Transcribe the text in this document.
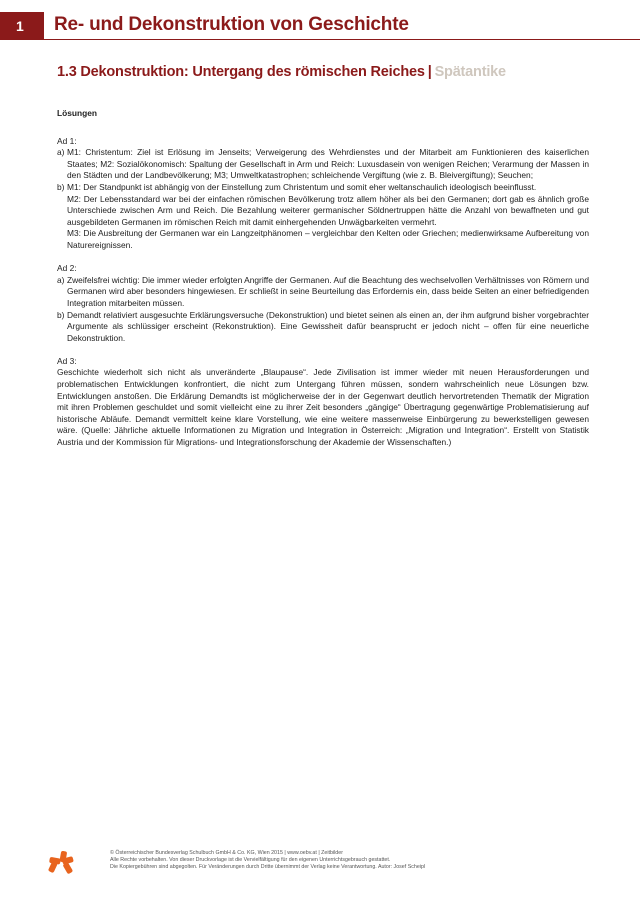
1	Re- und Dekonstruktion von Geschichte
1.3 Dekonstruktion: Untergang des römischen Reiches | Spätantike

Lösungen

Ad 1:

a) M1: Christentum: Ziel ist Erlösung im Jenseits; Verweigerung des Wehrdienstes und der Mitarbeit am Funktionieren des kaiserlichen Staates; M2: Sozialökonomisch: Spaltung der Gesellschaft in Arm und Reich: Luxusdasein von wenigen Reichen; Verarmung der Massen in den Städten und der Landbevölkerung; M3; Umweltkatastrophen; schleichende Vergiftung (wie z. B. Bleivergiftung); Seuchen;
b) M1: Der Standpunkt ist abhängig von der Einstellung zum Christentum und somit eher weltanschaulich ideologisch beeinflusst.
M2: Der Lebensstandard war bei der einfachen römischen Bevölkerung trotz allem höher als bei den Germanen; dort gab es ähnlich große Unterschiede zwischen Arm und Reich. Die Bezahlung weiterer germanischer Söldnertruppen hätte die Anzahl von bewaffneten und gut ausgebildeten Germanen im römischen Reich mit damit einhergehenden Unwägbarkeiten vermehrt.
M3: Die Ausbreitung der Germanen war ein Langzeitphänomen – vergleichbar den Kelten oder Griechen; medienwirksame Aufbereitung von Naturereignissen.

Ad 2:

a) Zweifelsfrei wichtig: Die immer wieder erfolgten Angriffe der Germanen. Auf die Beachtung des wechselvollen Verhältnisses von Römern und Germanen wird aber besonders hingewiesen. Er schließt in seine Beurteilung das Erfordernis ein, dass beide Seiten an einer befriedigenden Integration mitarbeiten müssen.
b) Demandt relativiert ausgesuchte Erklärungsversuche (Dekonstruktion) und bietet seinen als einen an, der ihm aufgrund bisher vorgebrachter Argumente als schlüssiger erscheint (Rekonstruktion). Eine Gewissheit dafür beansprucht er jedoch nicht – offen für eine neuerliche Dekonstruktion.

Ad 3:

Geschichte wiederholt sich nicht als unveränderte „Blaupause“. Jede Zivilisation ist immer wieder mit neuen Herausforderungen und problematischen Entwicklungen konfrontiert, die nicht zum Untergang führen müssen, sondern wahrscheinlich neue Lösungen bzw. Entwicklungen anstoßen. Die Erklärung Demandts ist möglicherweise der in der Gegenwart deutlich hervortretenden Thematik der Migration mit ihren Problemen geschuldet und somit vielleicht eine zu ihrer Zeit besonders „gängige“ Übertragung gegenwärtige Problematisierung auf historische Abläufe. Demandt vermittelt keine klare Vorstellung, wie eine weitere massenweise Einbürgerung zu bewerkstelligen gewesen wäre. (Quelle: Jährliche aktuelle Informationen zu Migration und Integration in Österreich: „Migration und Integration“. Erstellt von Statistik Austria und der Kommission für Migrations- und Integrationsforschung der Akademie der Wissenschaften.)

© Österreichischer Bundesverlag Schulbuch GmbH & Co. KG, Wien 2015 | www.oebv.at | Zeitbilder
Alle Rechte vorbehalten. Von dieser Druckvorlage ist die Vervielfältigung für den eigenen Unterrichtsgebrauch gestattet.
Die Kopiergebühren sind abgegolten. Für Veränderungen durch Dritte übernimmt der Verlag keine Verantwortung. Autor: Josef Scheipl
